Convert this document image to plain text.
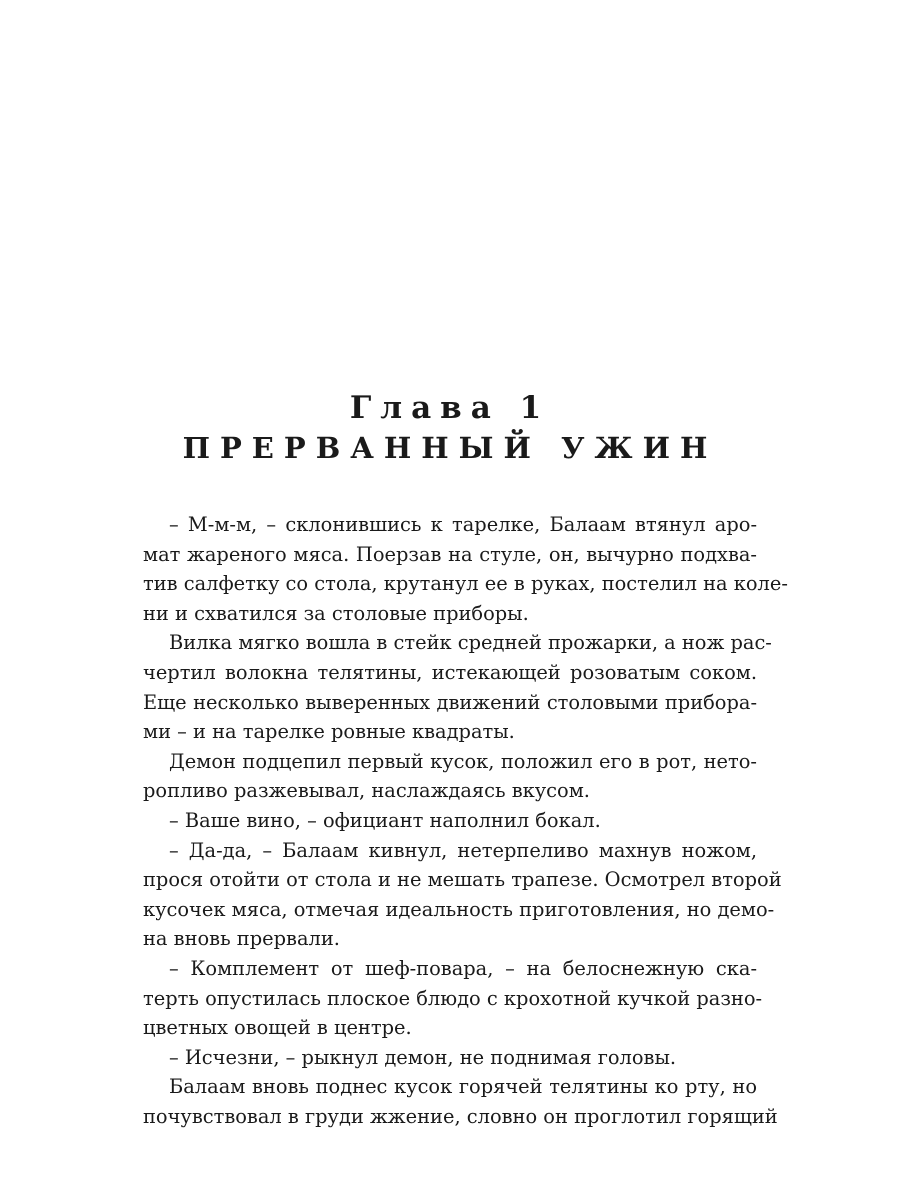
Глава 1
ПРЕРВАННЫЙ УЖИН
– М-м-м, – склонившись к тарелке, Балаам втянул аро-
мат жареного мяса. Поерзав на стуле, он, вычурно подхва-
тив салфетку со стола, крутанул ее в руках, постелил на коле-
ни и схватился за столовые приборы.
Вилка мягко вошла в стейк средней прожарки, а нож рас-
чертил волокна телятины, истекающей розоватым соком.
Еще несколько выверенных движений столовыми прибора-
ми – и на тарелке ровные квадраты.
Демон подцепил первый кусок, положил его в рот, нето-
ропливо разжевывал, наслаждаясь вкусом.
– Ваше вино, – официант наполнил бокал.
– Да-да, – Балаам кивнул, нетерпеливо махнув ножом,
прося отойти от стола и не мешать трапезе. Осмотрел второй
кусочек мяса, отмечая идеальность приготовления, но демо-
на вновь прервали.
– Комплемент от шеф-повара, – на белоснежную ска-
терть опустилась плоское блюдо с крохотной кучкой разно-
цветных овощей в центре.
– Исчезни, – рыкнул демон, не поднимая головы.
Балаам вновь поднес кусок горячей телятины ко рту, но
почувствовал в груди жжение, словно он проглотил горящий
